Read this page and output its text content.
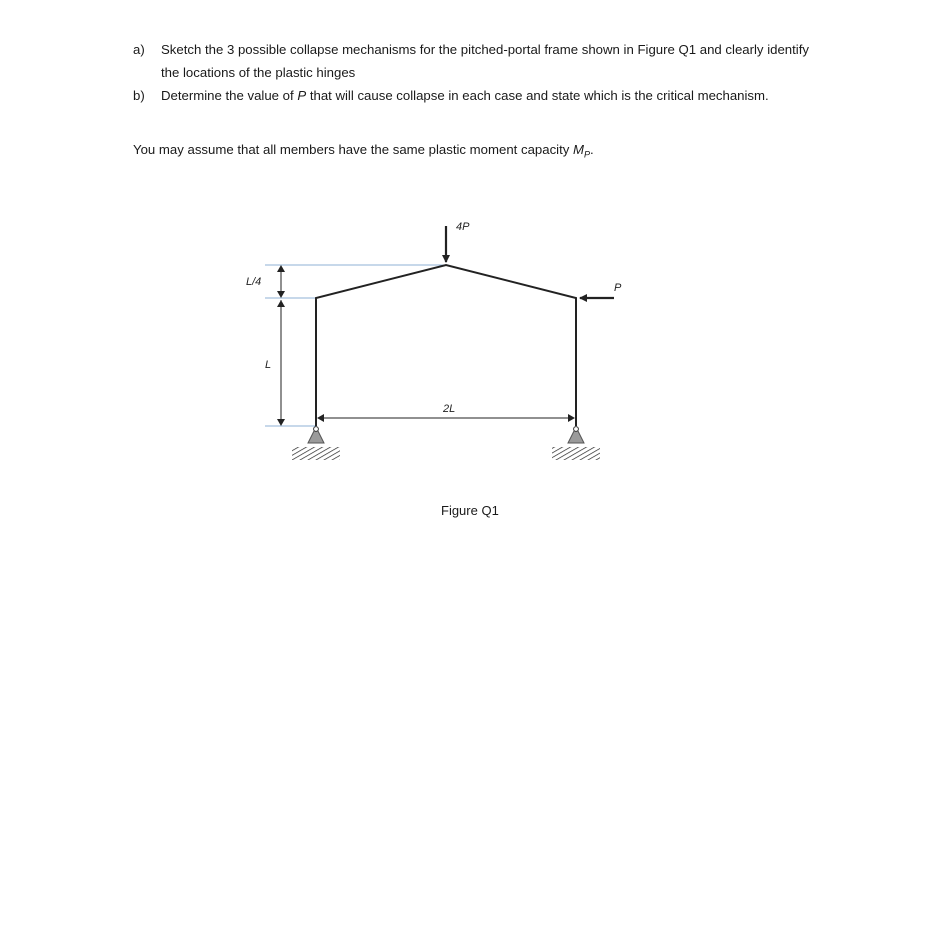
a) Sketch the 3 possible collapse mechanisms for the pitched-portal frame shown in Figure Q1 and clearly identify the locations of the plastic hinges
b) Determine the value of P that will cause collapse in each case and state which is the critical mechanism.
You may assume that all members have the same plastic moment capacity $M_P$.
4P
P
L/4
L
2L
Figure Q1
